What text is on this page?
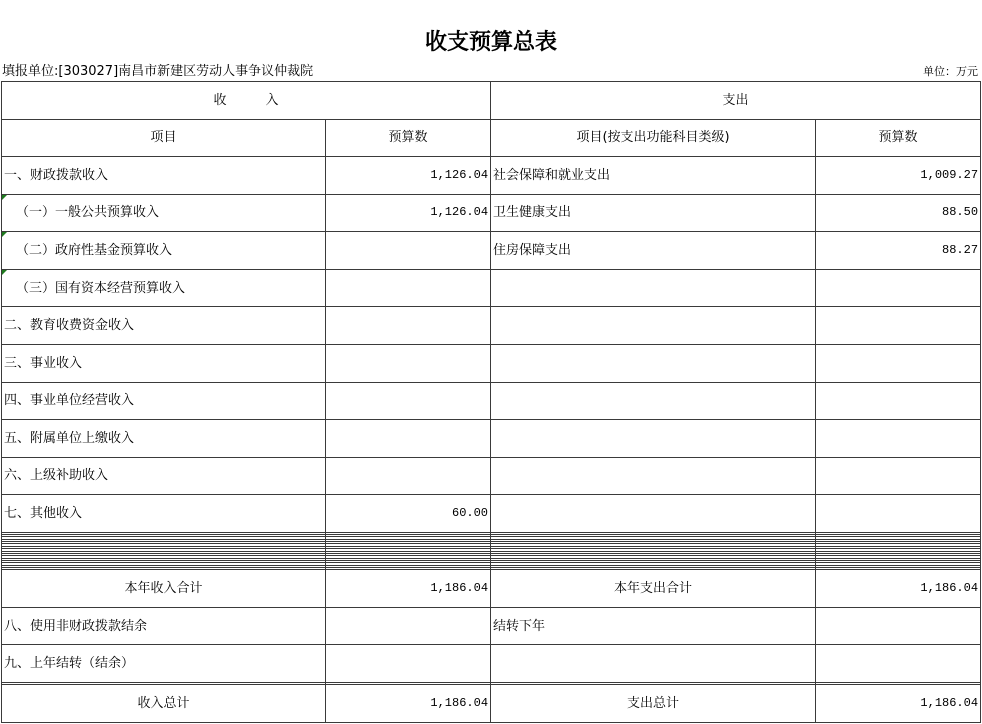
收支预算总表
填报单位:[303027]南昌市新建区劳动人事争议仲裁院	单位：万元
收　　　入		支出	
项目	预算数	项目(按支出功能科目类级)	预算数
一、财政拨款收入	1,126.04	社会保障和就业支出	1,009.27

（一）一般公共预算收入	1,126.04	卫生健康支出	88.50

（二）政府性基金预算收入		住房保障支出	88.27

（三）国有资本经营预算收入			
二、教育收费资金收入			
三、事业收入			
四、事业单位经营收入			
五、附属单位上缴收入			
六、上级补助收入			
七、其他收入	60.00		

本年收入合计	1,186.04	本年支出合计	1,186.04
八、使用非财政拨款结余		结转下年	
九、上年结转（结余）			

收入总计	1,186.04	支出总计	1,186.04
